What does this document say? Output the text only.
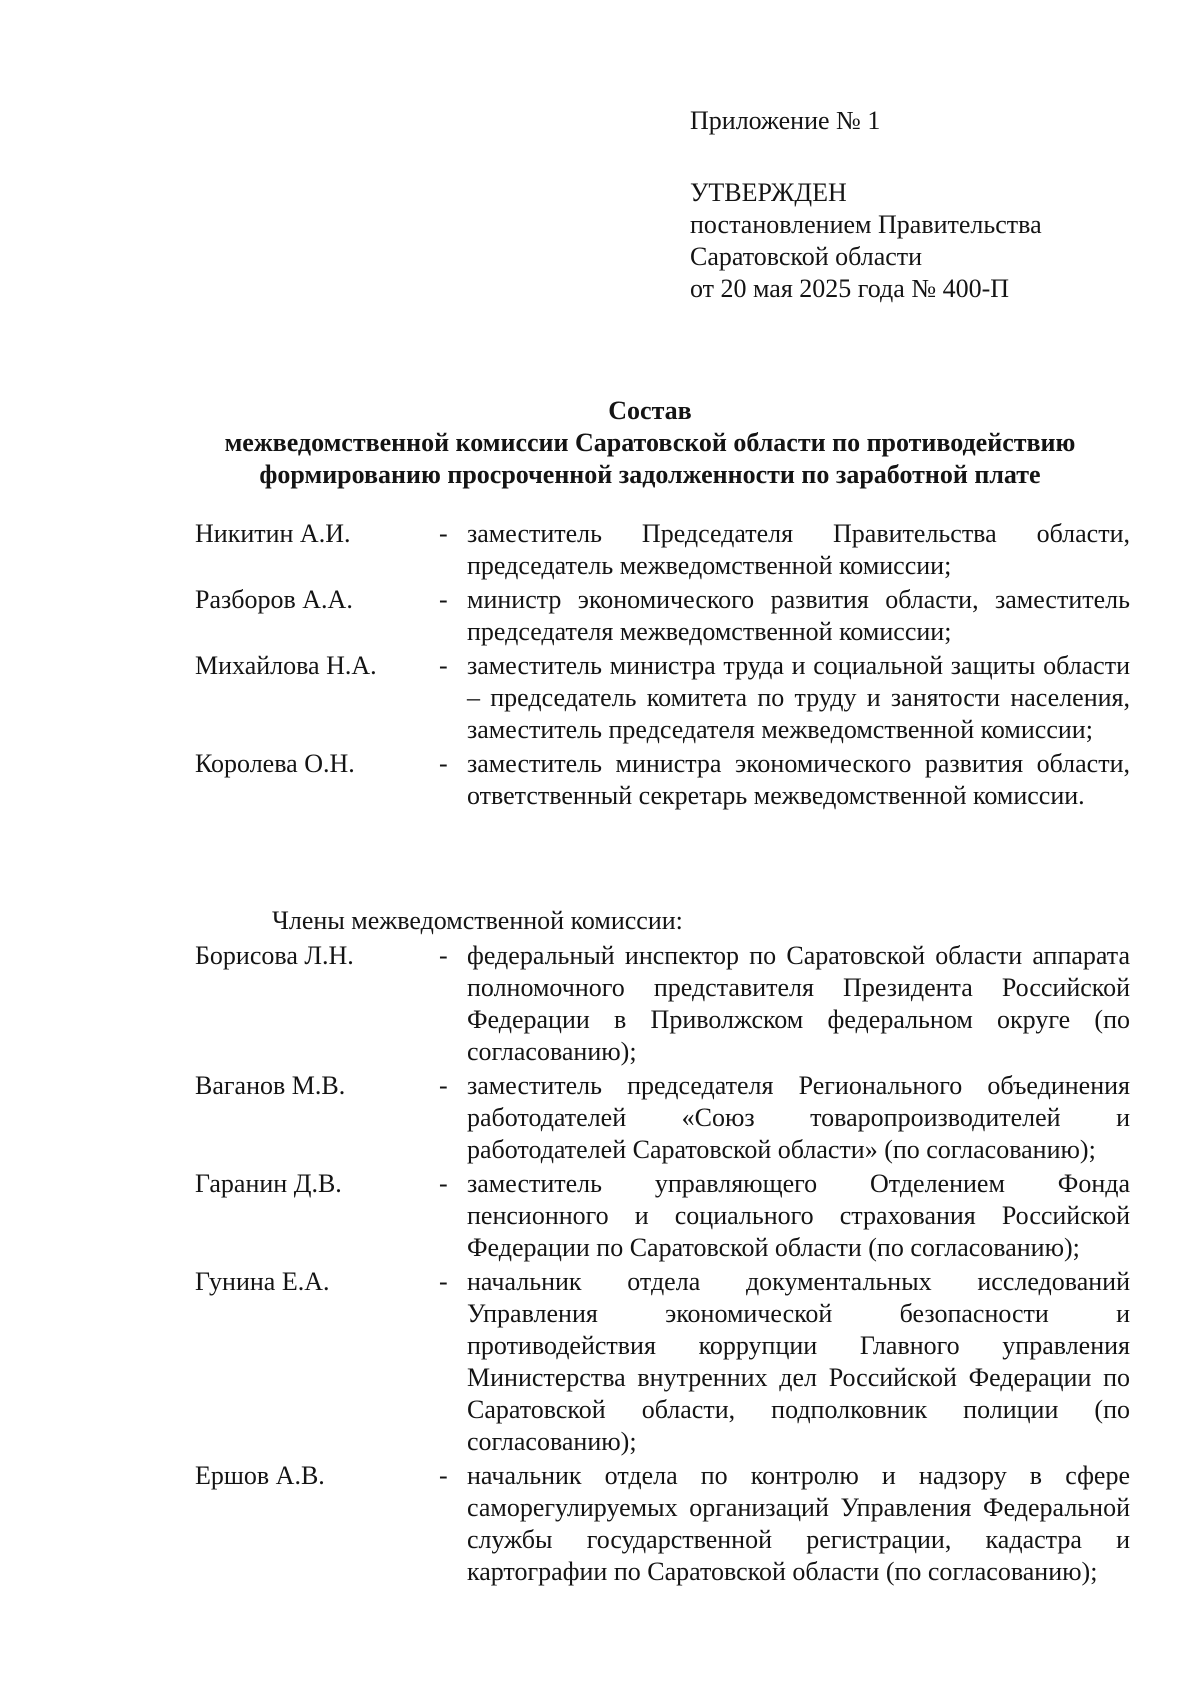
Приложение № 1
УТВЕРЖДЕН
постановлением Правительства
Саратовской области
от 20 мая 2025 года № 400-П
Состав
межведомственной комиссии Саратовской области по противодействию
формированию просроченной задолженности по заработной плате
Никитин А.И.	- заместитель Председателя Правительства области, председатель межведомственной комиссии;
Разборов А.А.	- министр экономического развития области, заместитель председателя межведомственной комиссии;
Михайлова Н.А.	- заместитель министра труда и социальной защиты области – председатель комитета по труду и занятости населения, заместитель председателя межведомственной комиссии;
Королева О.Н.	- заместитель министра экономического развития области, ответственный секретарь межведомственной комиссии.
Члены межведомственной комиссии:
Борисова Л.Н.	- федеральный инспектор по Саратовской области аппарата полномочного представителя Президента Российской Федерации в Приволжском федеральном округе (по согласованию);
Ваганов М.В.	- заместитель председателя Регионального объединения работодателей «Союз товаропроизводителей и работодателей Саратовской области» (по согласованию);
Гаранин Д.В.	- заместитель управляющего Отделением Фонда пенсионного и социального страхования Российской Федерации по Саратовской области (по согласованию);
Гунина Е.А.	- начальник отдела документальных исследований Управления экономической безопасности и противодействия коррупции Главного управления Министерства внутренних дел Российской Федерации по Саратовской области, подполковник полиции (по согласованию);
Ершов А.В.	- начальник отдела по контролю и надзору в сфере саморегулируемых организаций Управления Федеральной службы государственной регистрации, кадастра и картографии по Саратовской области (по согласованию);
